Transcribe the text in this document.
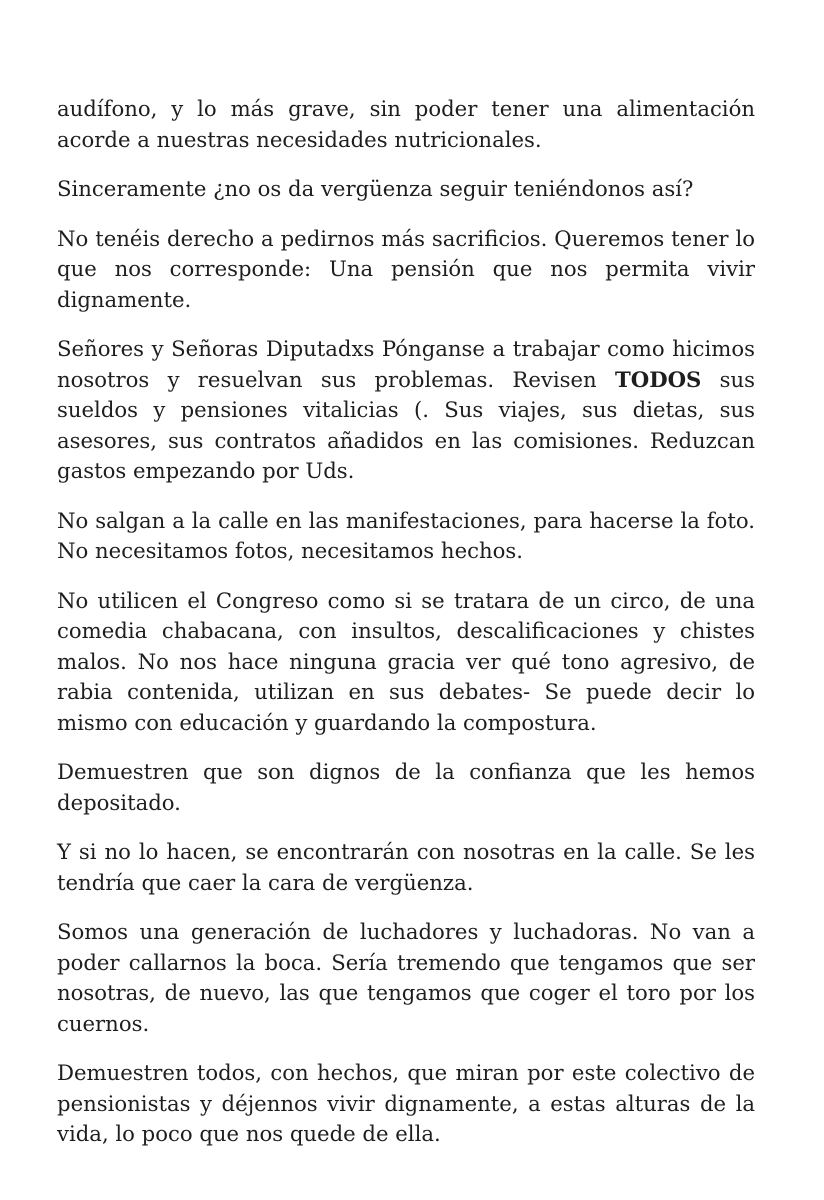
audífono, y lo más grave, sin poder tener una alimentación acorde a nuestras necesidades nutricionales.

Sinceramente ¿no os da vergüenza seguir teniéndonos así?

No tenéis derecho a pedirnos más sacrificios. Queremos tener lo que nos corresponde: Una pensión que nos permita vivir dignamente.

Señores y Señoras Diputadxs Pónganse a trabajar como hicimos nosotros y resuelvan sus problemas. Revisen TODOS sus sueldos y pensiones vitalicias (. Sus viajes, sus dietas, sus asesores, sus contratos añadidos en las comisiones. Reduzcan gastos empezando por Uds.

No salgan a la calle en las manifestaciones, para hacerse la foto. No necesitamos fotos, necesitamos hechos.

No utilicen el Congreso como si se tratara de un circo, de una comedia chabacana, con insultos, descalificaciones y chistes malos. No nos hace ninguna gracia ver qué tono agresivo, de rabia contenida, utilizan en sus debates- Se puede decir lo mismo con educación y guardando la compostura.

Demuestren que son dignos de la confianza que les hemos depositado.

Y si no lo hacen, se encontrarán con nosotras en la calle. Se les tendría que caer la cara de vergüenza.

Somos una generación de luchadores y luchadoras. No van a poder callarnos la boca. Sería tremendo que tengamos que ser nosotras, de nuevo, las que tengamos que coger el toro por los cuernos.

Demuestren todos, con hechos, que miran por este colectivo de pensionistas y déjennos vivir dignamente, a estas alturas de la vida, lo poco que nos quede de ella.
